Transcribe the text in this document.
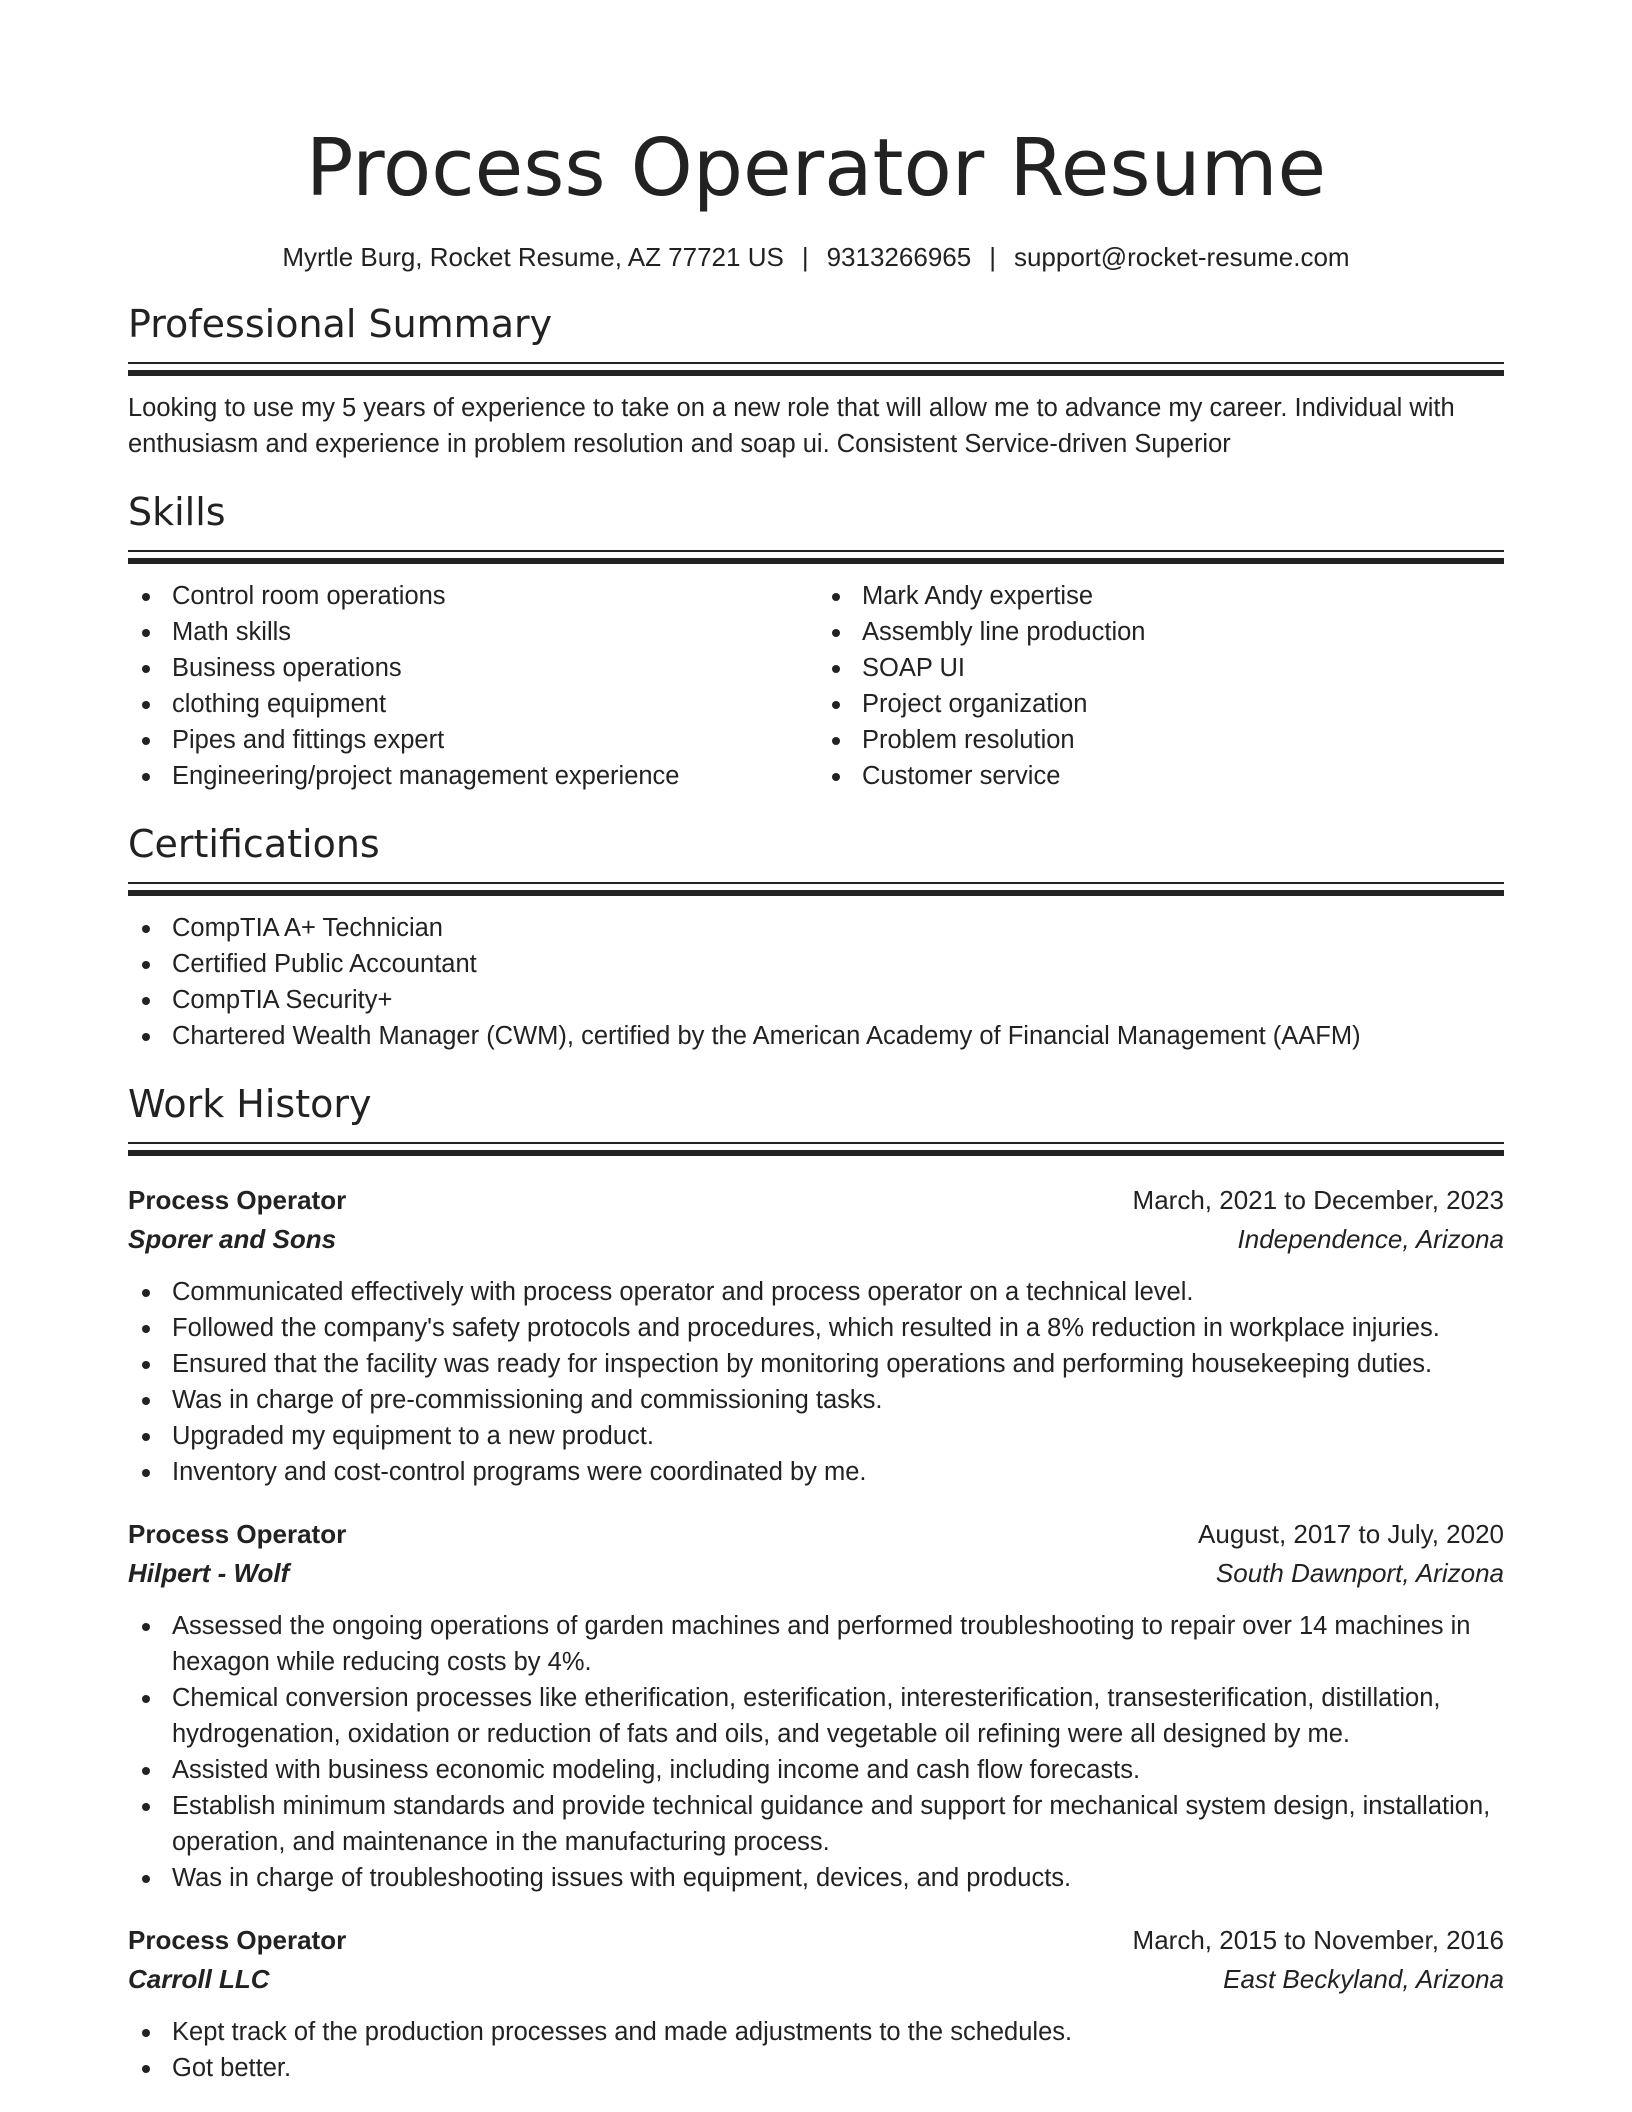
Process Operator Resume
Myrtle Burg, Rocket Resume, AZ 77721 US | 9313266965 | support@rocket-resume.com
Professional Summary

Looking to use my 5 years of experience to take on a new role that will allow me to advance my career. Individual with enthusiasm and experience in problem resolution and soap ui. Consistent Service-driven Superior

Skills
Control room operations
Math skills
Business operations
clothing equipment
Pipes and fittings expert
Engineering/project management experience
Mark Andy expertise
Assembly line production
SOAP UI
Project organization
Problem resolution
Customer service
Certifications
CompTIA A+ Technician
Certified Public Accountant
CompTIA Security+
Chartered Wealth Manager (CWM), certified by the American Academy of Financial Management (AAFM)
Work History
Process Operator	March, 2021 to December, 2023
Sporer and Sons	Independence, Arizona
Communicated effectively with process operator and process operator on a technical level.
Followed the company's safety protocols and procedures, which resulted in a 8% reduction in workplace injuries.
Ensured that the facility was ready for inspection by monitoring operations and performing housekeeping duties.
Was in charge of pre-commissioning and commissioning tasks.
Upgraded my equipment to a new product.
Inventory and cost-control programs were coordinated by me.
Process Operator	August, 2017 to July, 2020
Hilpert - Wolf	South Dawnport, Arizona
Assessed the ongoing operations of garden machines and performed troubleshooting to repair over 14 machines in hexagon while reducing costs by 4%.
Chemical conversion processes like etherification, esterification, interesterification, transesterification, distillation, hydrogenation, oxidation or reduction of fats and oils, and vegetable oil refining were all designed by me.
Assisted with business economic modeling, including income and cash flow forecasts.
Establish minimum standards and provide technical guidance and support for mechanical system design, installation, operation, and maintenance in the manufacturing process.
Was in charge of troubleshooting issues with equipment, devices, and products.
Process Operator	March, 2015 to November, 2016
Carroll LLC	East Beckyland, Arizona
Kept track of the production processes and made adjustments to the schedules.
Got better.
